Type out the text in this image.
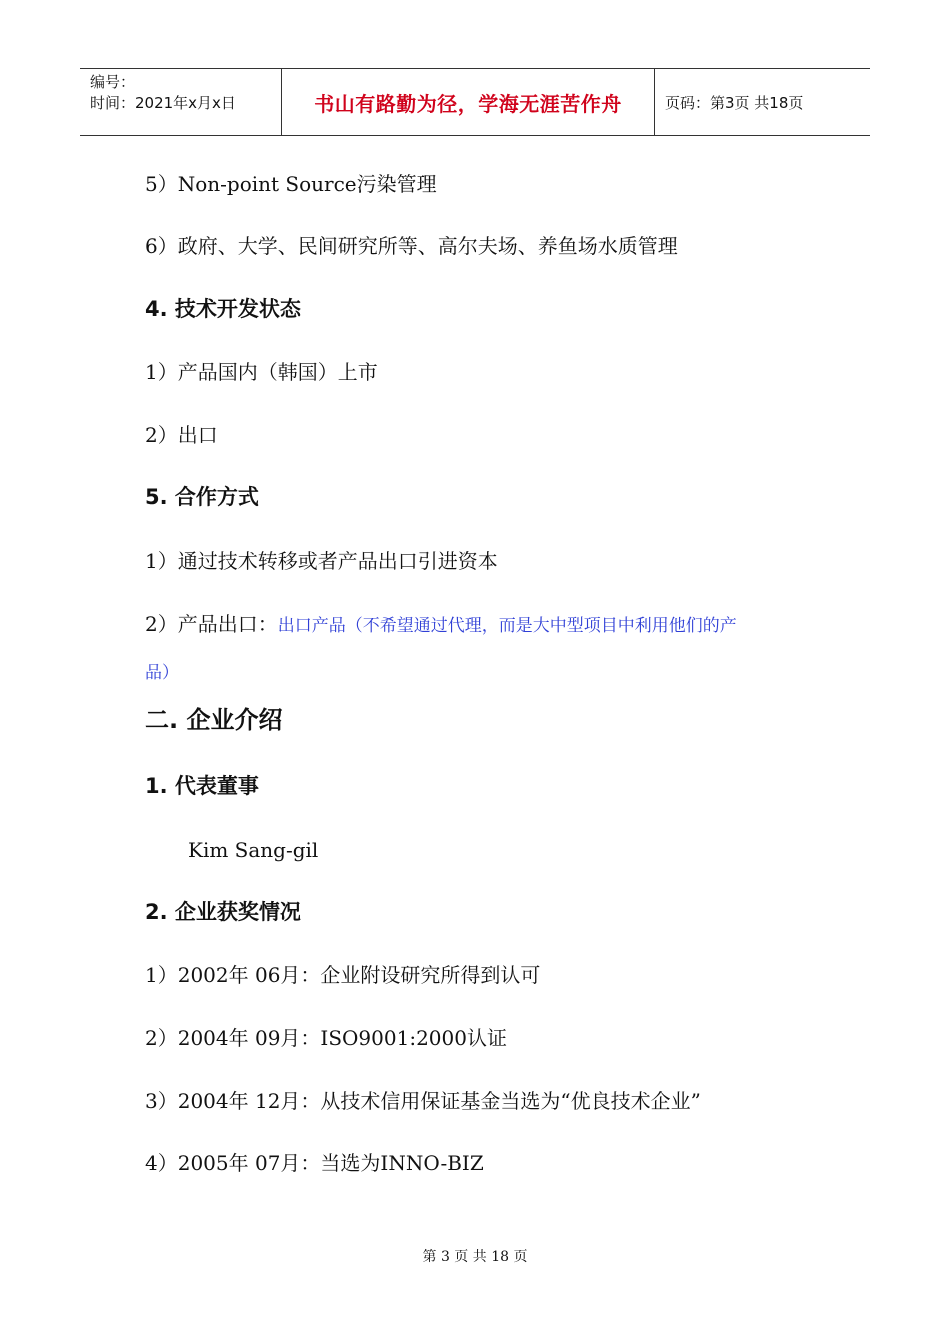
编号：
时间：2021年x月x日	书山有路勤为径，学海无涯苦作舟	页码：第3页 共18页
5）Non-point Source污染管理
6）政府、大学、民间研究所等、高尔夫场、养鱼场水质管理
4. 技术开发状态
1）产品国内（韩国）上市
2）出口
5. 合作方式
1）通过技术转移或者产品出口引进资本
2）产品出口：出口产品（不希望通过代理，而是大中型项目中利用他们的产
品）
二. 企业介绍
1. 代表董事
Kim Sang-gil
2. 企业获奖情况
1）2002年 06月：企业附设研究所得到认可
2）2004年 09月：ISO9001:2000认证
3）2004年 12月：从技术信用保证基金当选为“优良技术企业”
4）2005年 07月：当选为INNO-BIZ
第 3 页 共 18 页
